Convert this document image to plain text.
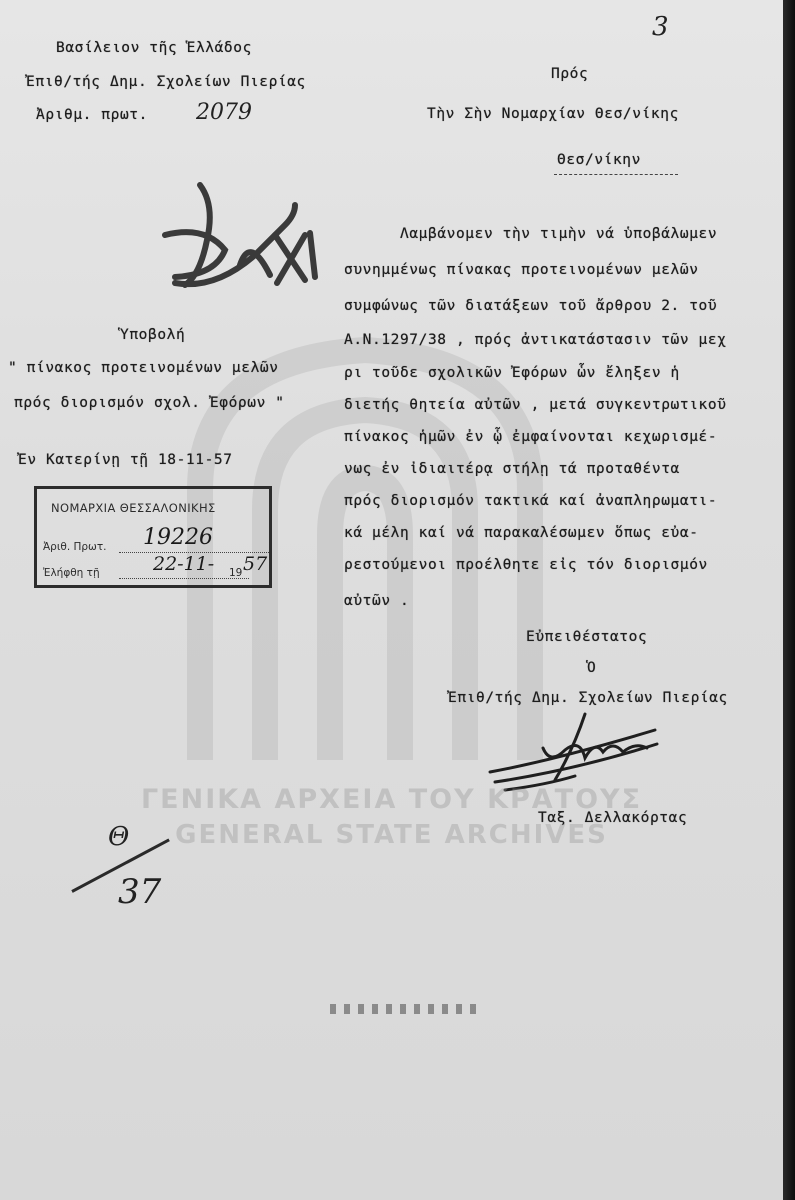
3
Βασίλειον τῆς Ἑλλάδος
Ἐπιθ/τής Δημ. Σχολείων Πιερίας
Ἀριθμ. πρωτ. 2079
Πρός
Τὴν Σὴν Νομαρχίαν Θεσ/νίκης
Θεσ/νίκην
Ὑποβολή
" πίνακος προτεινομένων μελῶν
πρός διορισμόν σχολ. Ἐφόρων "
Ἐν Κατερίνῃ τῇ 18-11-57
ΝΟΜΑΡΧΙΑ ΘΕΣΣΑΛΟΝΙΚΗΣ
Ἀριθ. Πρωτ. 19226
Ἐλήφθη τῇ	22-11- 19 57
Λαμβάνομεν τὴν τιμὴν νά ὑποβάλωμεν
συνημμένως πίνακας προτεινομένων μελῶν
συμφώνως τῶν διατάξεων τοῦ ἄρθρου 2. τοῦ
Α.Ν.1297/38 , πρός ἀντικατάστασιν τῶν μεχ
ρι τοῦδε σχολικῶν Ἐφόρων ὧν ἔληξεν ἡ
διετής θητεία αὐτῶν , μετά συγκεντρωτικοῦ
πίνακος ἡμῶν ἐν ᾧ ἐμφαίνονται κεχωρισμέ-
νως ἐν ἰδιαιτέρᾳ στήλῃ τά προταθέντα
πρός διορισμόν τακτικά καί ἀναπληρωματι-
κά μέλη καί νά παρακαλέσωμεν ὅπως εὐα-
ρεστούμενοι προέλθητε εἰς τόν διορισμόν
αὐτῶν .
Εὐπειθέστατος
Ὁ
Ἐπιθ/τής Δημ. Σχολείων Πιερίας
Ταξ. Δελλακόρτας
Θ
37
ΓΕΝΙΚΑ ΑΡΧΕΙΑ ΤΟΥ ΚΡΑΤΟΥΣ
GENERAL STATE ARCHIVES
